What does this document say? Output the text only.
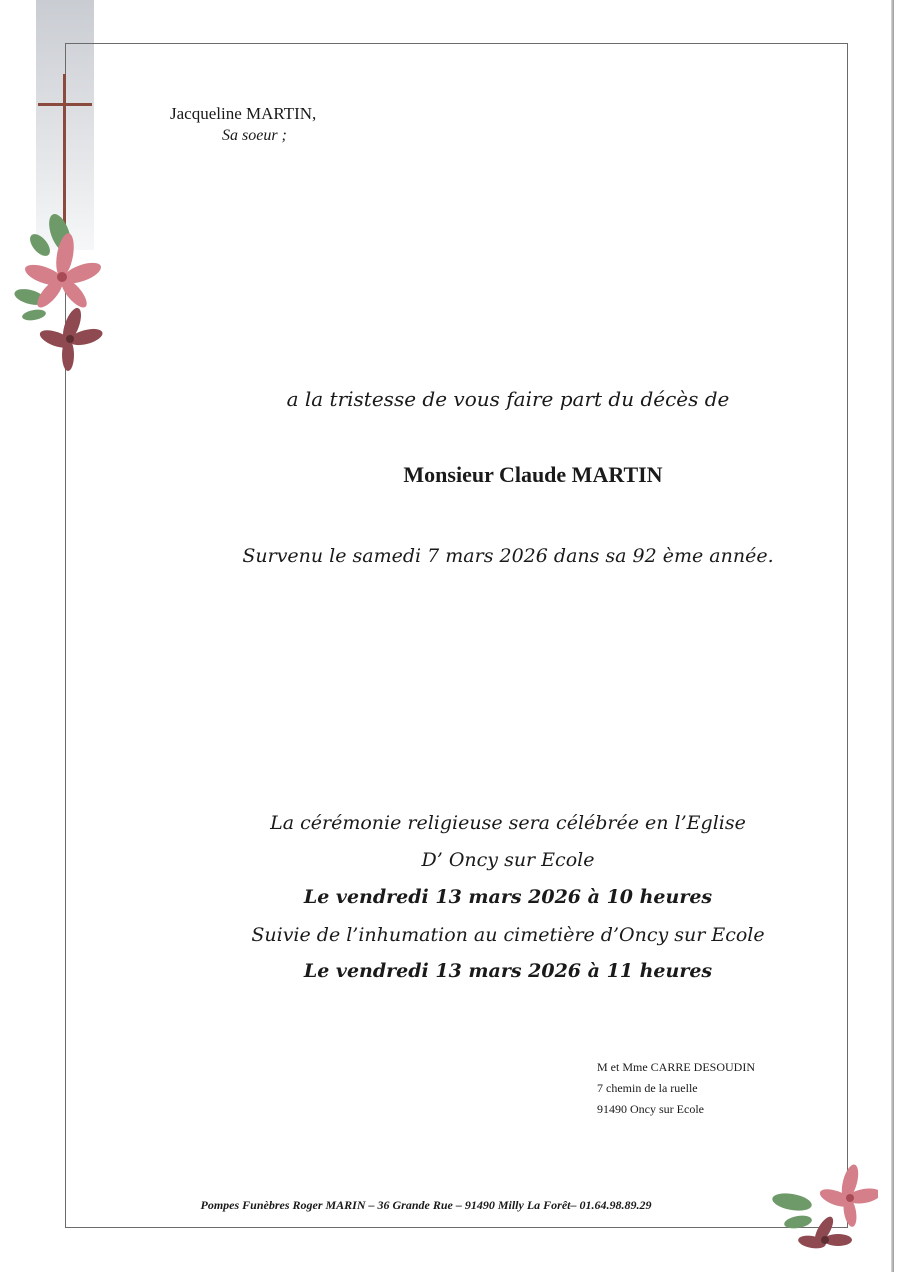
Jacqueline MARTIN,
Sa soeur ;
a la tristesse de vous faire part du décès de
Monsieur Claude MARTIN
Survenu le samedi 7 mars 2026 dans sa 92 ème année.
La cérémonie religieuse sera célébrée en l’Eglise
D’ Oncy sur Ecole
Le vendredi 13 mars 2026 à 10 heures
Suivie de l’inhumation au cimetière d’Oncy sur Ecole
Le vendredi 13 mars 2026 à 11 heures
M et Mme CARRE DESOUDIN
7 chemin de la ruelle
91490 Oncy sur Ecole
Pompes Funèbres Roger MARIN – 36 Grande Rue – 91490 Milly La Forêt– 01.64.98.89.29
